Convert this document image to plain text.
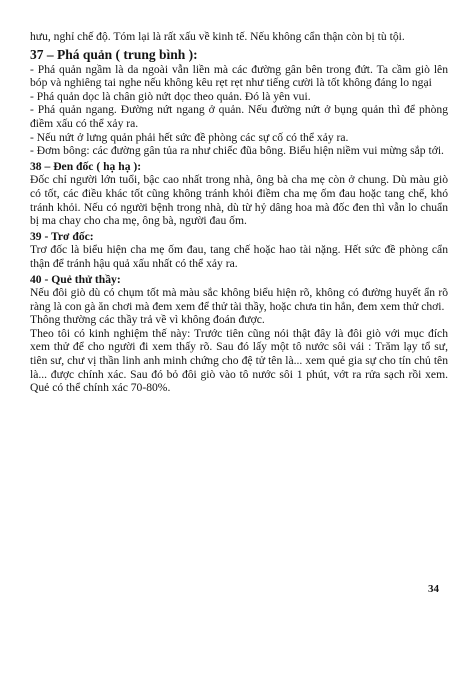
hưu, nghỉ chế độ. Tóm lại là rất xấu về kinh tế. Nếu không cẩn thận còn bị tù tội.

37 – Phá quản ( trung bình ):

- Phá quản ngầm là da ngoài vẫn liền mà các đường gân bên trong đứt. Ta cầm giò lên bóp và nghiêng tai nghe nếu không kêu rẹt rẹt như tiếng cười là tốt không đáng lo ngại

- Phá quản dọc là chân giò nứt dọc theo quản. Đó là yên vui.

- Phá quản ngang. Đường nứt ngang ở quản. Nếu đường nứt ở bụng quản thì để phòng điềm xấu có thể xảy ra.

- Nếu nứt ở lưng quản phải hết sức đề phòng các sự cố có thể xảy ra.

- Đơm bông: các đường gân tủa ra như chiếc đũa bông. Biểu hiện niềm vui mừng sắp tới.

38 – Đen đốc ( hạ hạ ):

Đốc chỉ người lớn tuổi, bậc cao nhất trong nhà, ông bà cha mẹ còn ở chung. Dù màu giò có tốt, các điều khác tốt cũng không tránh khỏi điềm cha mẹ ốm đau hoặc tang chế, khó tránh khỏi. Nếu có người bệnh trong nhà, dù từ hỷ dâng hoa mà đốc đen thì vẫn lo chuẩn bị ma chay cho cha mẹ, ông bà, người đau ốm.

39 - Trơ đốc:

Trơ đốc là biểu hiện cha mẹ ốm đau, tang chế hoặc hao tài nặng. Hết sức đề phòng cẩn thận để tránh hậu quả xấu nhất có thể xảy ra.

40 - Quẻ thử thầy:

Nếu đôi giò dù có chụm tốt mà màu sắc không biểu hiện rõ, không có đường huyết ẩn rõ ràng là con gà ăn chơi mà đem xem để thử tài thầy, hoặc chưa tin hẳn, đem xem thử chơi.

Thông thường các thầy trả về vì không đoán được.

Theo tôi có kinh nghiệm thế này: Trước tiên cũng nói thật đây là đôi giò với mục đích xem thử để cho người đi xem thấy rõ. Sau đó lấy một tô nước sôi vái : Trăm lạy tổ sư, tiên sư, chư vị thần linh anh minh chứng cho đệ tử tên là... xem quẻ gia sự cho tín chủ tên là... được chính xác. Sau đó bỏ đôi giò vào tô nước sôi 1 phút, vớt ra rửa sạch rồi xem. Quẻ có thể chính xác 70-80%.

34
